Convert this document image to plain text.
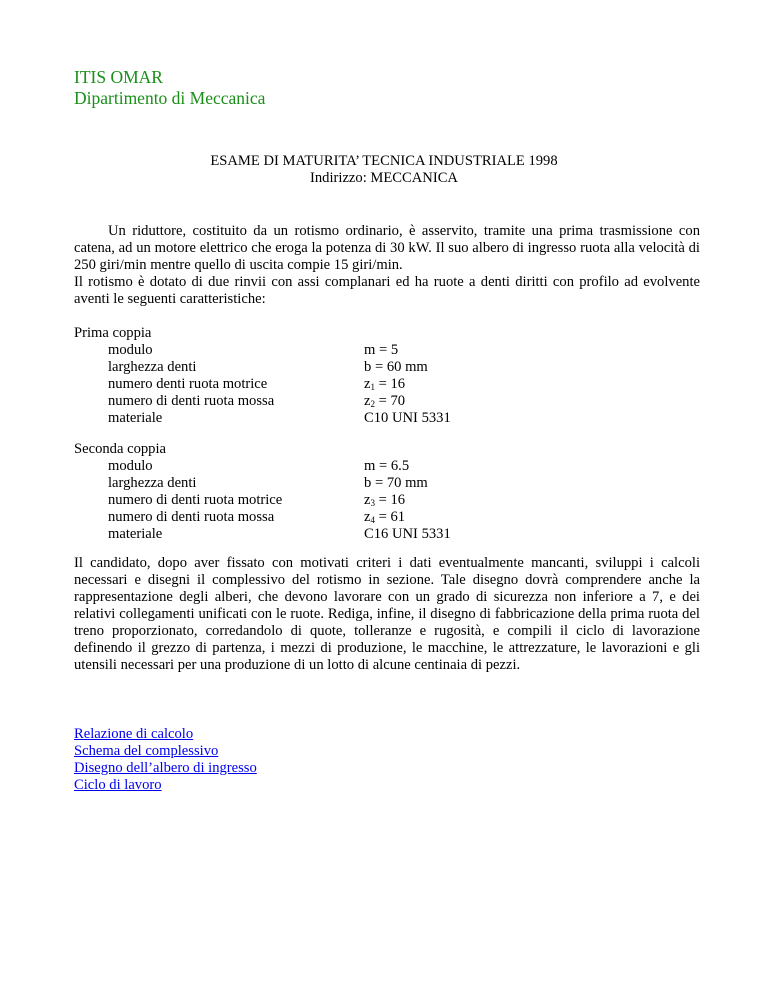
ITIS OMAR
Dipartimento di Meccanica
ESAME DI MATURITA’ TECNICA INDUSTRIALE 1998
Indirizzo: MECCANICA

Un riduttore, costituito da un rotismo ordinario, è asservito, tramite una prima trasmissione con catena, ad un motore elettrico che eroga la potenza di 30 kW. Il suo albero di ingresso ruota alla velocità di 250 giri/min mentre quello di uscita compie 15 giri/min.

Il rotismo è dotato di due rinvii con assi complanari ed ha ruote a denti diritti con profilo ad evolvente aventi le seguenti caratteristiche:

Prima coppia
modulo	m = 5
larghezza denti	b = 60 mm
numero denti ruota motrice	$z_1 = 16$
numero di denti ruota mossa	$z_2 = 70$
materiale	C10 UNI 5331
Seconda coppia
modulo	m = 6.5
larghezza denti	b = 70 mm
numero di denti ruota motrice	$z_3 = 16$
numero di denti ruota mossa	$z_4 = 61$
materiale	C16 UNI 5331

Il candidato, dopo aver fissato con motivati criteri i dati eventualmente mancanti, sviluppi i calcoli necessari e disegni il complessivo del rotismo in sezione. Tale disegno dovrà comprendere anche la rappresentazione degli alberi, che devono lavorare con un grado di sicurezza non inferiore a 7, e dei relativi collegamenti unificati con le ruote. Rediga, infine, il disegno di fabbricazione della prima ruota del treno proporzionato, corredandolo di quote, tolleranze e rugosità, e compili il ciclo di lavorazione definendo il grezzo di partenza, i mezzi di produzione, le macchine, le attrezzature, le lavorazioni e gli utensili necessari per una produzione di un lotto di alcune centinaia di pezzi.

Relazione di calcolo
Schema del complessivo
Disegno dell’albero di ingresso
Ciclo di lavoro
